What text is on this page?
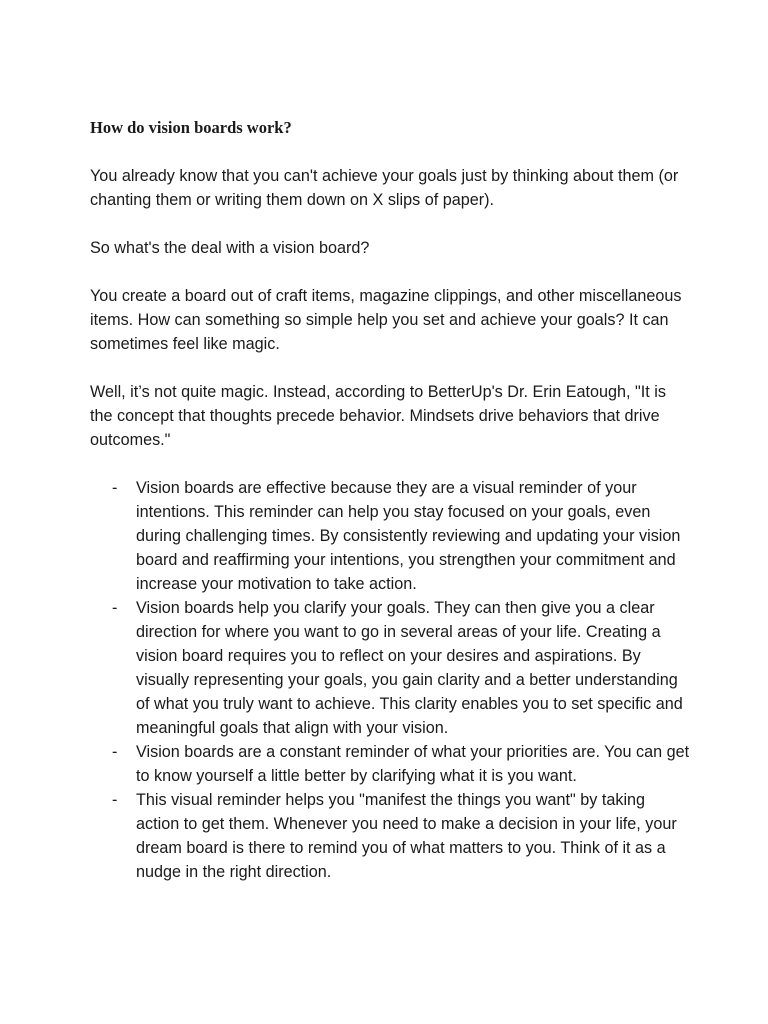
How do vision boards work?

You already know that you can't achieve your goals just by thinking about them (or chanting them or writing them down on X slips of paper).

So what's the deal with a vision board?

You create a board out of craft items, magazine clippings, and other miscellaneous items. How can something so simple help you set and achieve your goals? It can sometimes feel like magic.

Well, it’s not quite magic. Instead, according to BetterUp's Dr. Erin Eatough, "It is the concept that thoughts precede behavior. Mindsets drive behaviors that drive outcomes."

- Vision boards are effective because they are a visual reminder of your intentions. This reminder can help you stay focused on your goals, even during challenging times. By consistently reviewing and updating your vision board and reaffirming your intentions, you strengthen your commitment and increase your motivation to take action.
- Vision boards help you clarify your goals. They can then give you a clear direction for where you want to go in several areas of your life. Creating a vision board requires you to reflect on your desires and aspirations. By visually representing your goals, you gain clarity and a better understanding of what you truly want to achieve. This clarity enables you to set specific and meaningful goals that align with your vision.
- Vision boards are a constant reminder of what your priorities are. You can get to know yourself a little better by clarifying what it is you want.
- This visual reminder helps you "manifest the things you want" by taking action to get them. Whenever you need to make a decision in your life, your dream board is there to remind you of what matters to you. Think of it as a nudge in the right direction.
